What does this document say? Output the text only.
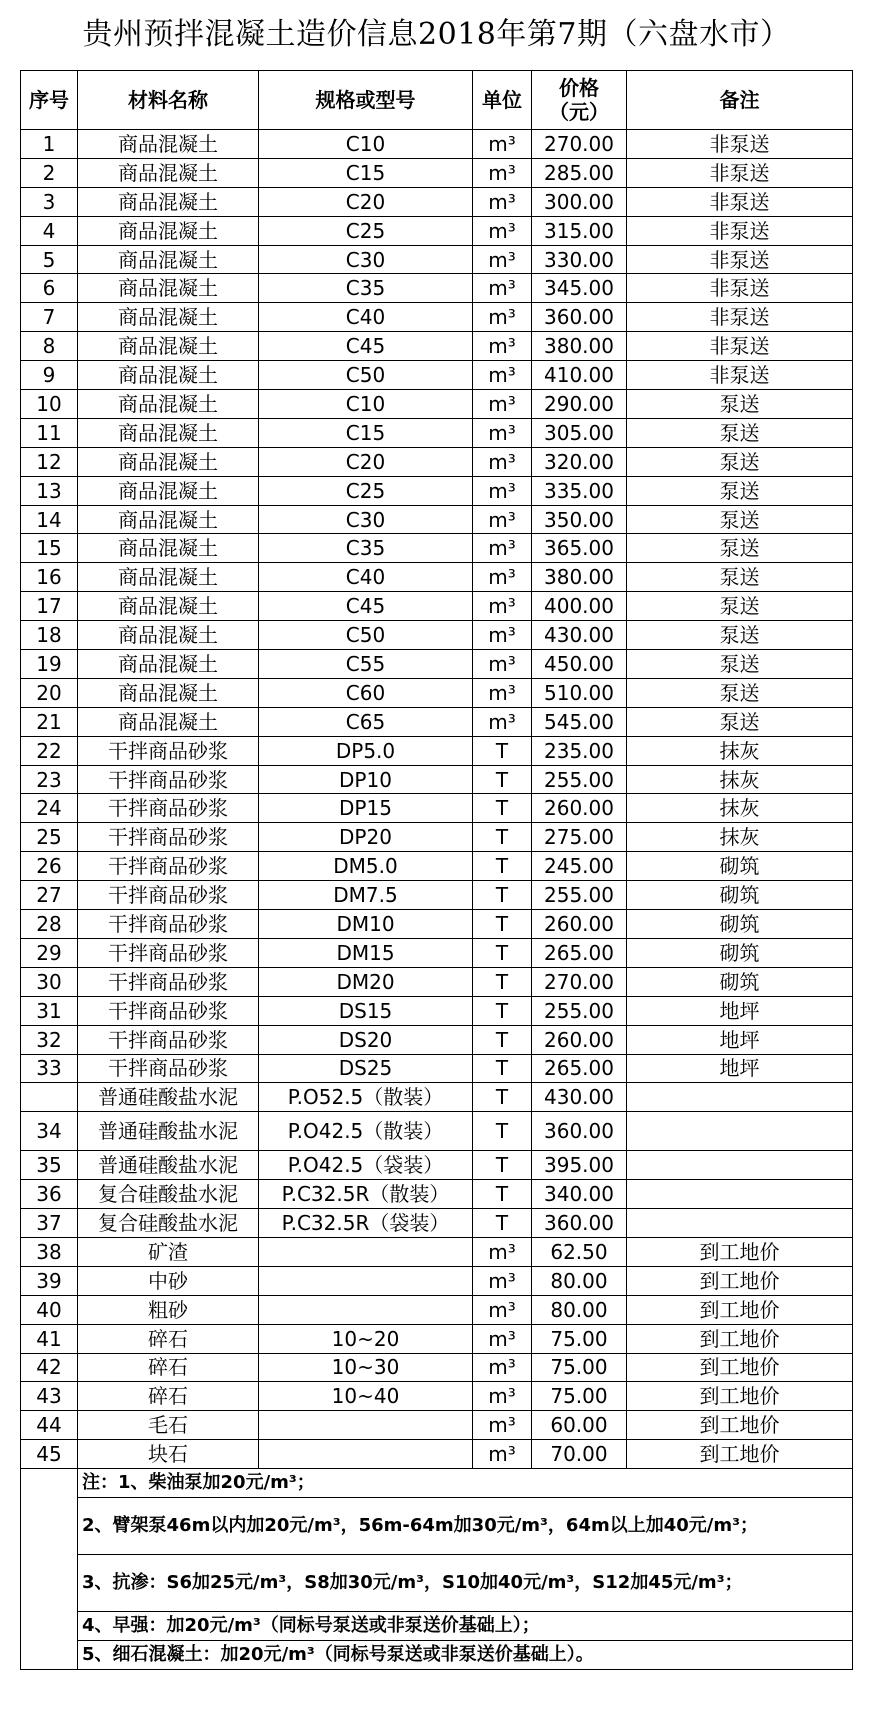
贵州预拌混凝土造价信息2018年第7期（六盘水市）
序号	材料名称	规格或型号	单位	价格（元）	备注
1	商品混凝土	C10	m³	270.00	非泵送
2	商品混凝土	C15	m³	285.00	非泵送
3	商品混凝土	C20	m³	300.00	非泵送
4	商品混凝土	C25	m³	315.00	非泵送
5	商品混凝土	C30	m³	330.00	非泵送
6	商品混凝土	C35	m³	345.00	非泵送
7	商品混凝土	C40	m³	360.00	非泵送
8	商品混凝土	C45	m³	380.00	非泵送
9	商品混凝土	C50	m³	410.00	非泵送
10	商品混凝土	C10	m³	290.00	泵送
11	商品混凝土	C15	m³	305.00	泵送
12	商品混凝土	C20	m³	320.00	泵送
13	商品混凝土	C25	m³	335.00	泵送
14	商品混凝土	C30	m³	350.00	泵送
15	商品混凝土	C35	m³	365.00	泵送
16	商品混凝土	C40	m³	380.00	泵送
17	商品混凝土	C45	m³	400.00	泵送
18	商品混凝土	C50	m³	430.00	泵送
19	商品混凝土	C55	m³	450.00	泵送
20	商品混凝土	C60	m³	510.00	泵送
21	商品混凝土	C65	m³	545.00	泵送
22	干拌商品砂浆	DP5.0	T	235.00	抹灰
23	干拌商品砂浆	DP10	T	255.00	抹灰
24	干拌商品砂浆	DP15	T	260.00	抹灰
25	干拌商品砂浆	DP20	T	275.00	抹灰
26	干拌商品砂浆	DM5.0	T	245.00	砌筑
27	干拌商品砂浆	DM7.5	T	255.00	砌筑
28	干拌商品砂浆	DM10	T	260.00	砌筑
29	干拌商品砂浆	DM15	T	265.00	砌筑
30	干拌商品砂浆	DM20	T	270.00	砌筑
31	干拌商品砂浆	DS15	T	255.00	地坪
32	干拌商品砂浆	DS20	T	260.00	地坪
33	干拌商品砂浆	DS25	T	265.00	地坪
	普通硅酸盐水泥	P.O52.5（散装）	T	430.00	
34	普通硅酸盐水泥	P.O42.5（散装）	T	360.00	
35	普通硅酸盐水泥	P.O42.5（袋装）	T	395.00	
36	复合硅酸盐水泥	P.C32.5R（散装）	T	340.00	
37	复合硅酸盐水泥	P.C32.5R（袋装）	T	360.00	
38	矿渣		m³	62.50	到工地价
39	中砂		m³	80.00	到工地价
40	粗砂		m³	80.00	到工地价
41	碎石	10~20	m³	75.00	到工地价
42	碎石	10~30	m³	75.00	到工地价
43	碎石	10~40	m³	75.00	到工地价
44	毛石		m³	60.00	到工地价
45	块石		m³	70.00	到工地价
	注：1、柴油泵加20元/m³；				
	2、臂架泵46m以内加20元/m³，56m-64m加30元/m³，64m以上加40元/m³；				
	3、抗渗：S6加25元/m³，S8加30元/m³，S10加40元/m³，S12加45元/m³；				
	4、早强：加20元/m³（同标号泵送或非泵送价基础上）；				
	5、细石混凝土：加20元/m³（同标号泵送或非泵送价基础上）。				
